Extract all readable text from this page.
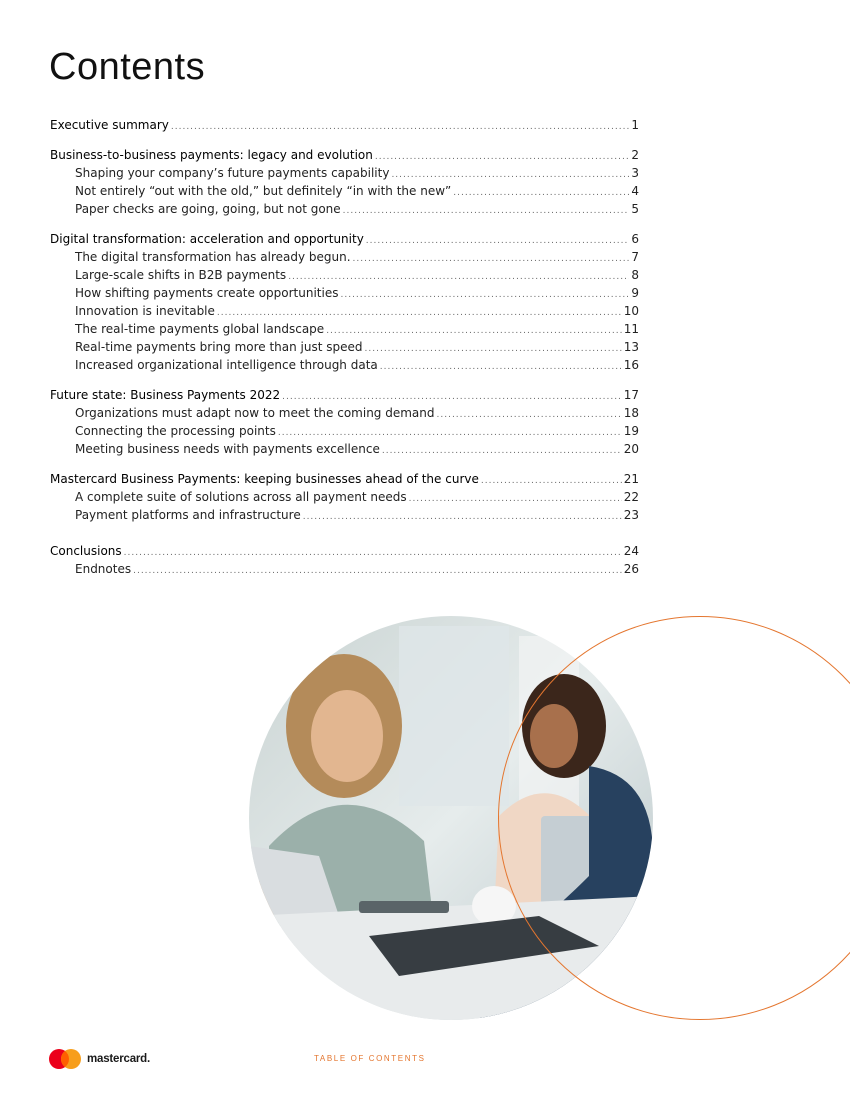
Contents
Executive summary .....	1
Business-to-business payments: legacy and evolution .....	2
Shaping your company’s future payments capability .....	3
Not entirely “out with the old,” but definitely “in with the new” .....	4
Paper checks are going, going, but not gone .....	5
Digital transformation: acceleration and opportunity .....	6
The digital transformation has already begun. .....	7
Large-scale shifts in B2B payments .....	8
How shifting payments create opportunities .....	9
Innovation is inevitable .....	10
The real-time payments global landscape .....	11
Real-time payments bring more than just speed .....	13
Increased organizational intelligence through data .....	16
Future state: Business Payments 2022 .....	17
Organizations must adapt now to meet the coming demand .....	18
Connecting the processing points .....	19
Meeting business needs with payments excellence .....	20
Mastercard Business Payments: keeping businesses ahead of the curve .....	21
A complete suite of solutions across all payment needs .....	22
Payment platforms and infrastructure .....	23
Conclusions .....	24
Endnotes .....	26
mastercard.	TABLE OF CONTENTS
